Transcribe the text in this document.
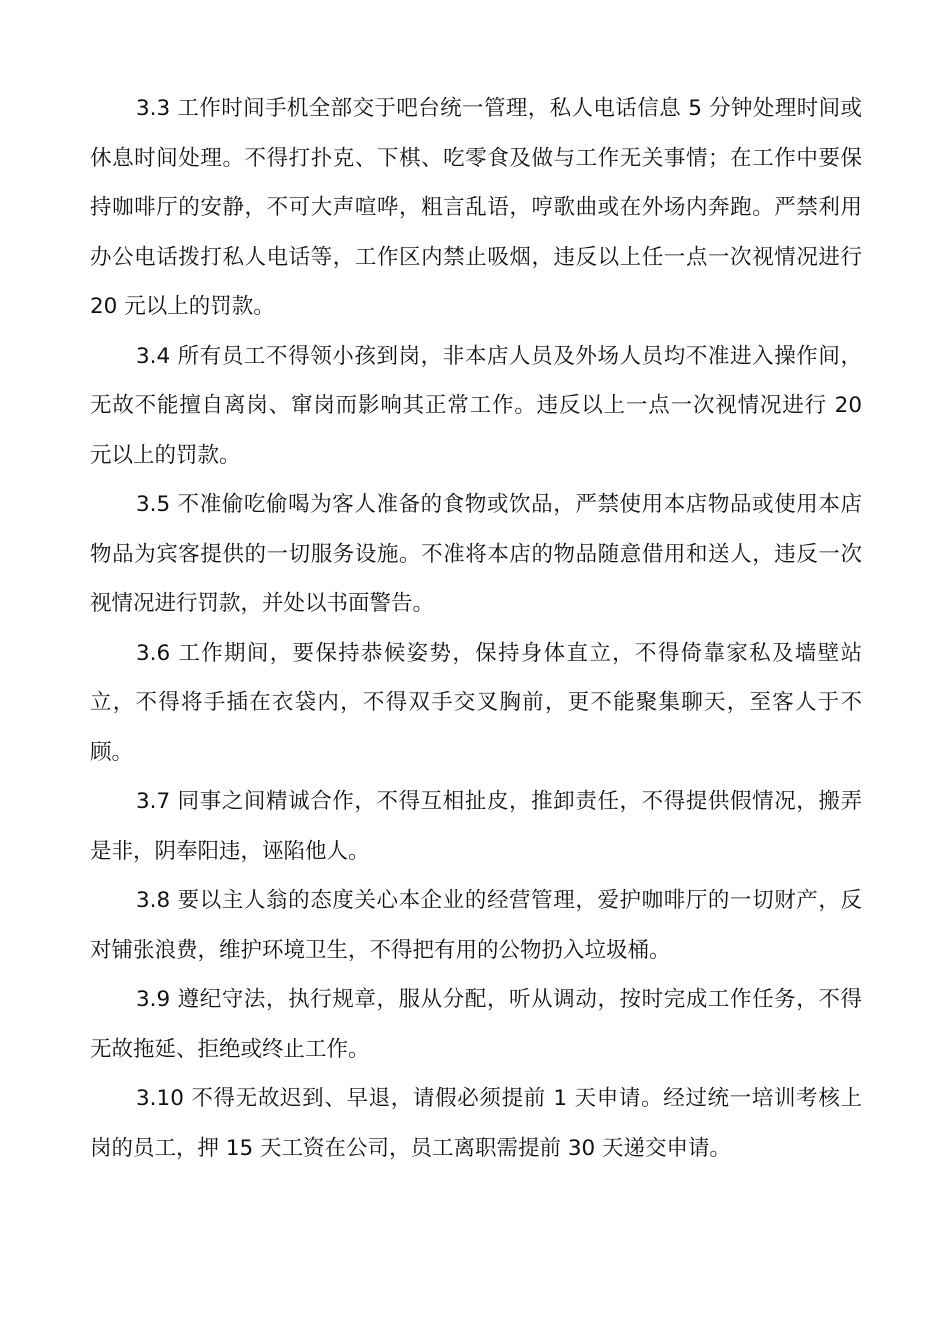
3.3 工作时间手机全部交于吧台统一管理，私人电话信息 5 分钟处理时间或休息时间处理。不得打扑克、下棋、吃零食及做与工作无关事情；在工作中要保持咖啡厅的安静，不可大声喧哗，粗言乱语，哼歌曲或在外场内奔跑。严禁利用办公电话拨打私人电话等，工作区内禁止吸烟，违反以上任一点一次视情况进行 20 元以上的罚款。

3.4 所有员工不得领小孩到岗，非本店人员及外场人员均不准进入操作间，无故不能擅自离岗、窜岗而影响其正常工作。违反以上一点一次视情况进行 20 元以上的罚款。

3.5 不准偷吃偷喝为客人准备的食物或饮品，严禁使用本店物品或使用本店物品为宾客提供的一切服务设施。不准将本店的物品随意借用和送人，违反一次视情况进行罚款，并处以书面警告。

3.6 工作期间，要保持恭候姿势，保持身体直立，不得倚靠家私及墙壁站立，不得将手插在衣袋内，不得双手交叉胸前，更不能聚集聊天，至客人于不顾。

3.7 同事之间精诚合作，不得互相扯皮，推卸责任，不得提供假情况，搬弄是非，阴奉阳违，诬陷他人。

3.8 要以主人翁的态度关心本企业的经营管理，爱护咖啡厅的一切财产，反对铺张浪费，维护环境卫生，不得把有用的公物扔入垃圾桶。

3.9 遵纪守法，执行规章，服从分配，听从调动，按时完成工作任务，不得无故拖延、拒绝或终止工作。

3.10 不得无故迟到、早退，请假必须提前 1 天申请。经过统一培训考核上岗的员工，押 15 天工资在公司，员工离职需提前 30 天递交申请。
